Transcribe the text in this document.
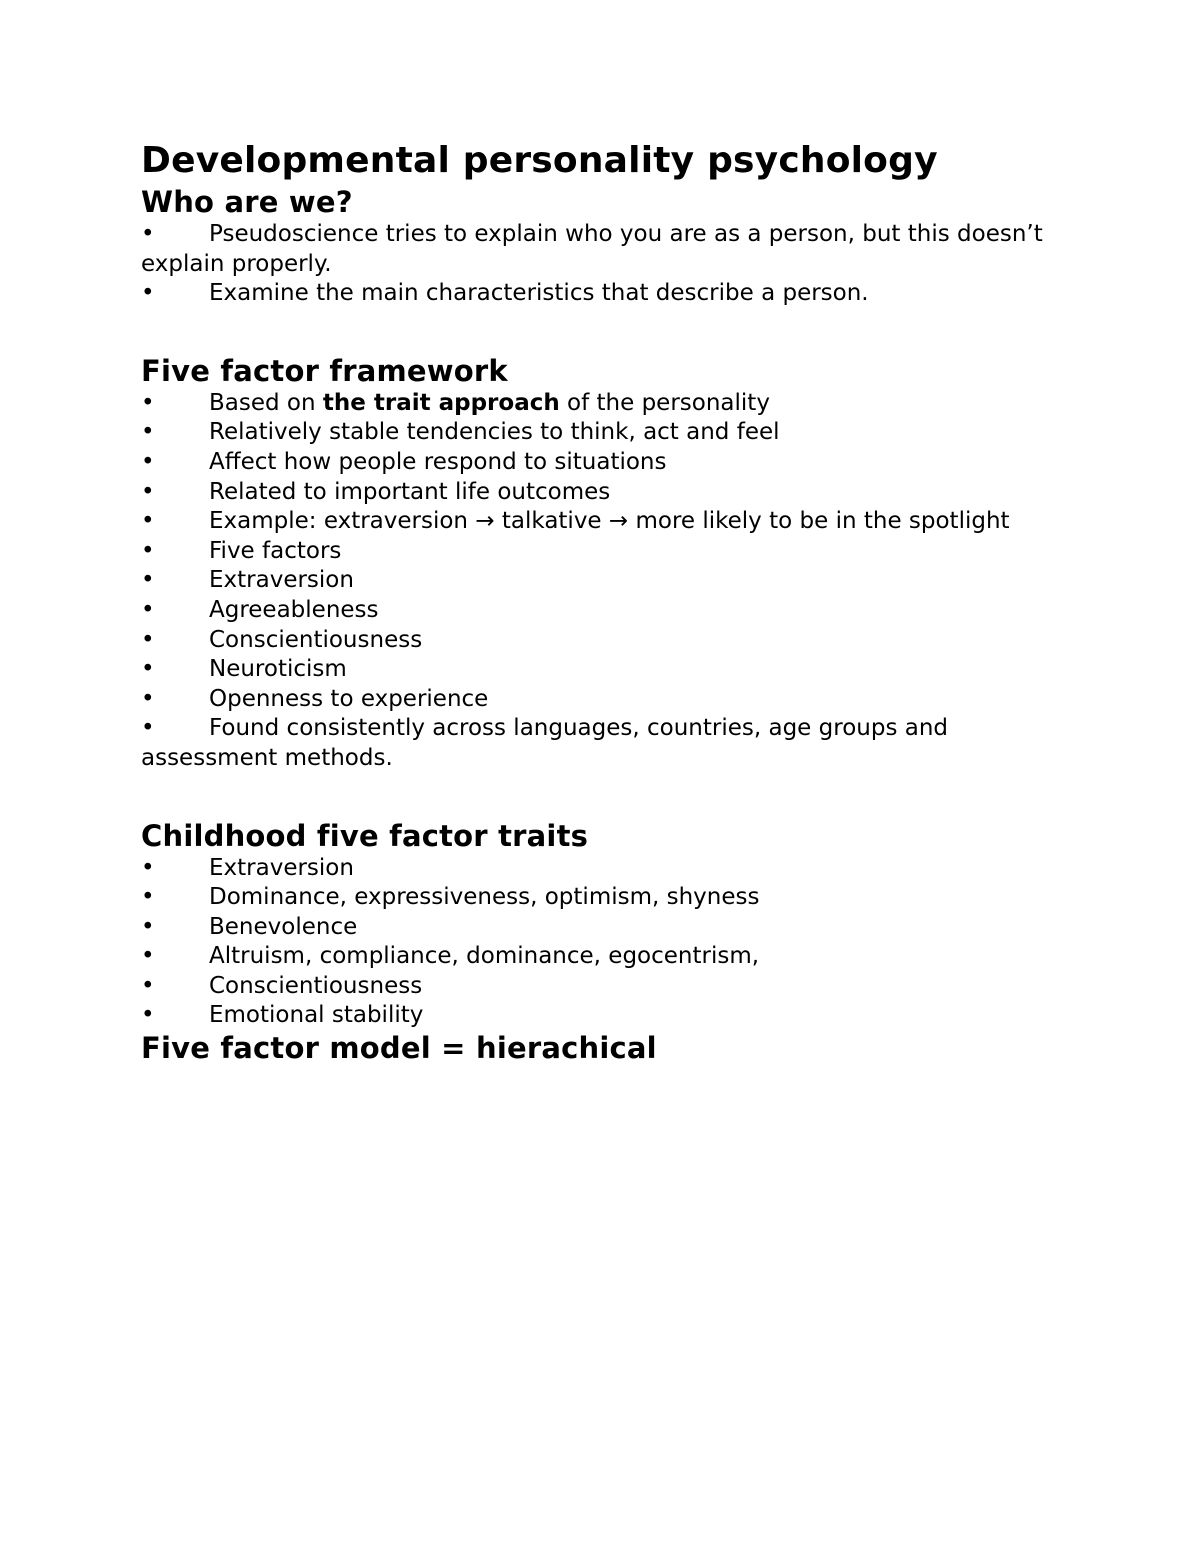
Developmental personality psychology
Who are we?
• Pseudoscience tries to explain who you are as a person, but this doesn’t explain properly.
• Examine the main characteristics that describe a person.
Five factor framework
• Based on the trait approach of the personality
• Relatively stable tendencies to think, act and feel
• Affect how people respond to situations
• Related to important life outcomes
• Example: extraversion → talkative → more likely to be in the spotlight
• Five factors
• Extraversion
• Agreeableness
• Conscientiousness
• Neuroticism
• Openness to experience
• Found consistently across languages, countries, age groups and assessment methods.
Childhood five factor traits
• Extraversion
• Dominance, expressiveness, optimism, shyness
• Benevolence
• Altruism, compliance, dominance, egocentrism,
• Conscientiousness
• Emotional stability
Five factor model = hierachical
